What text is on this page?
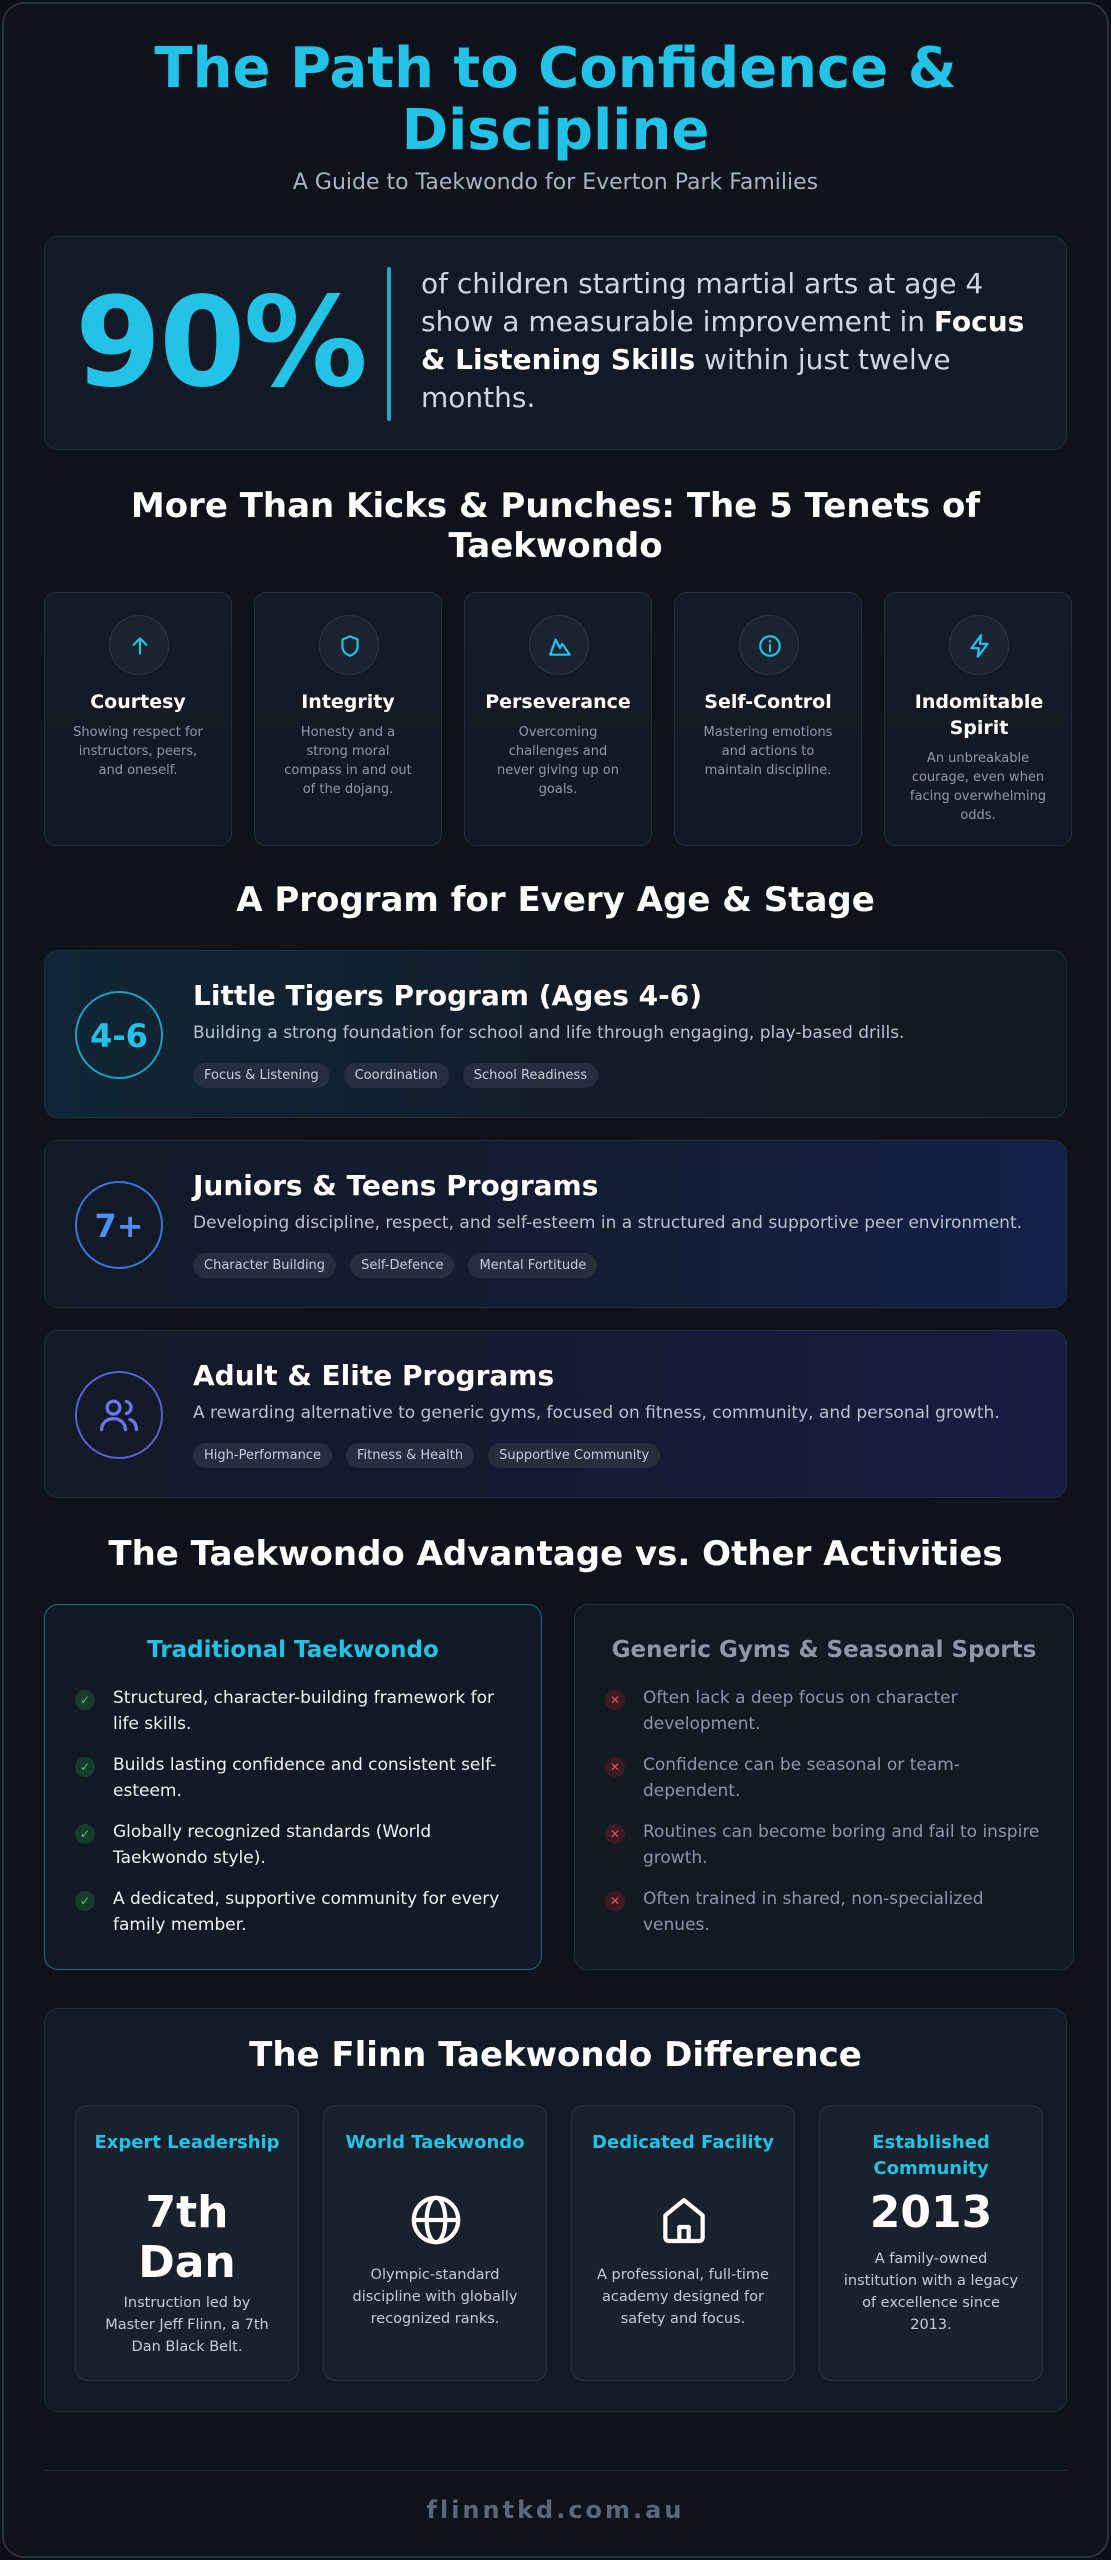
The Path to Confidence & Discipline
A Guide to Taekwondo for Everton Park Families
90% of children starting martial arts at age 4 show a measurable improvement in Focus & Listening Skills within just twelve months.
More Than Kicks & Punches: The 5 Tenets of Taekwondo
Courtesy
Showing respect for instructors, peers, and oneself.
Integrity
Honesty and a strong moral compass in and out of the dojang.
Perseverance
Overcoming challenges and never giving up on goals.
Self-Control
Mastering emotions and actions to maintain discipline.
Indomitable Spirit
An unbreakable courage, even when facing overwhelming odds.
A Program for Every Age & Stage
4-6
Little Tigers Program (Ages 4-6)
Building a strong foundation for school and life through engaging, play-based drills.
Focus & Listening	Coordination	School Readiness
7+
Juniors & Teens Programs
Developing discipline, respect, and self-esteem in a structured and supportive peer environment.
Character Building	Self-Defence	Mental Fortitude
Adult & Elite Programs
A rewarding alternative to generic gyms, focused on fitness, community, and personal growth.
High-Performance	Fitness & Health	Supportive Community
The Taekwondo Advantage vs. Other Activities
Traditional Taekwondo
✓ Structured, character-building framework for life skills.
✓ Builds lasting confidence and consistent self-esteem.
✓ Globally recognized standards (World Taekwondo style).
✓ A dedicated, supportive community for every family member.
Generic Gyms & Seasonal Sports
✕ Often lack a deep focus on character development.
✕ Confidence can be seasonal or team-dependent.
✕ Routines can become boring and fail to inspire growth.
✕ Often trained in shared, non-specialized venues.
The Flinn Taekwondo Difference
Expert Leadership
7th Dan
Instruction led by Master Jeff Flinn, a 7th Dan Black Belt.
World Taekwondo
Olympic-standard discipline with globally recognized ranks.
Dedicated Facility
A professional, full-time academy designed for safety and focus.
Established Community
2013
A family-owned institution with a legacy of excellence since 2013.
flinntkd.com.au
